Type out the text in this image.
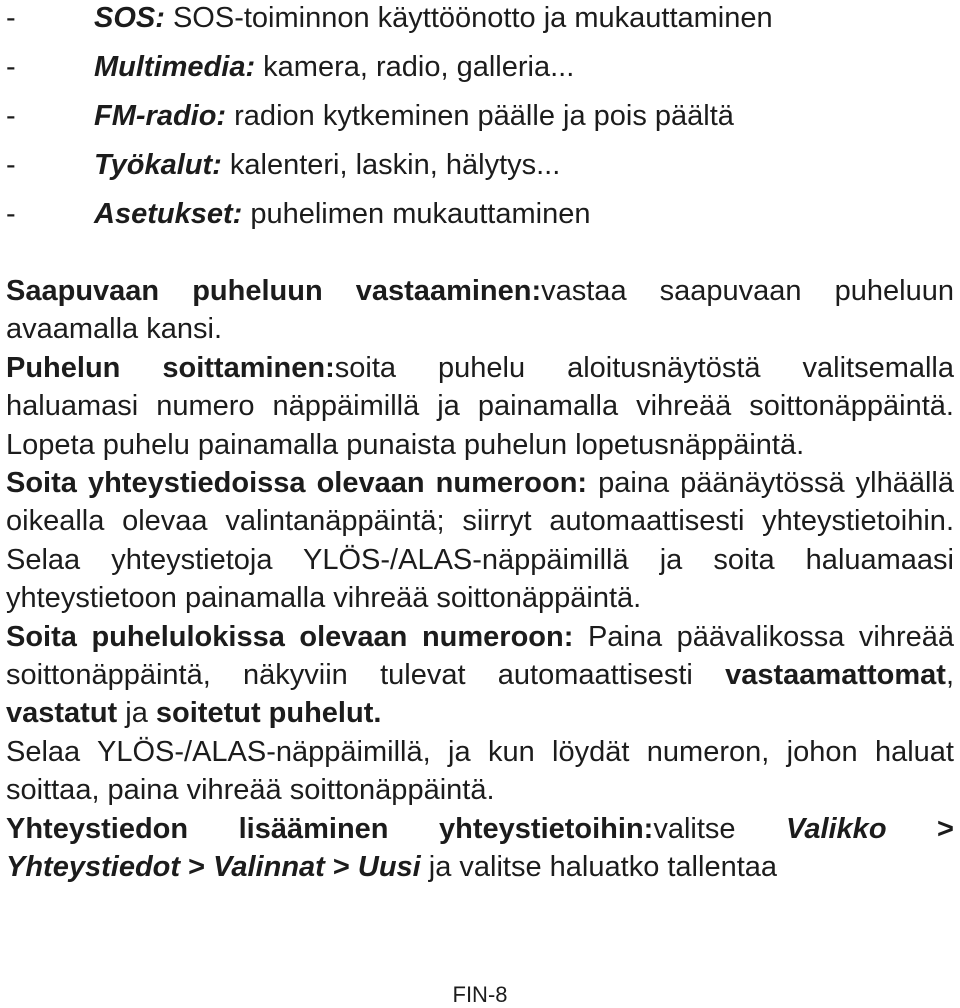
-	SOS: SOS-toiminnon käyttöönotto ja mukauttaminen
-	Multimedia: kamera, radio, galleria...
-	FM-radio: radion kytkeminen päälle ja pois päältä
-	Työkalut: kalenteri, laskin, hälytys...
-	Asetukset: puhelimen mukauttaminen

Saapuvaan puheluun vastaaminen:vastaa saapuvaan puheluun avaamalla kansi.

Puhelun soittaminen:soita puhelu aloitusnäytöstä valitsemalla haluamasi numero näppäimillä ja painamalla vihreää soittonäppäintä. Lopeta puhelu painamalla punaista puhelun lopetusnäppäintä.

Soita yhteystiedoissa olevaan numeroon: paina päänäytössä ylhäällä oikealla olevaa valintanäppäintä; siirryt automaattisesti yhteystietoihin. Selaa yhteystietoja YLÖS-/ALAS-näppäimillä ja soita haluamaasi yhteystietoon painamalla vihreää soittonäppäintä.

Soita puhelulokissa olevaan numeroon: Paina päävalikossa vihreää soittonäppäintä, näkyviin tulevat automaattisesti vastaamattomat, vastatut ja soitetut puhelut.

Selaa YLÖS-/ALAS-näppäimillä, ja kun löydät numeron, johon haluat soittaa, paina vihreää soittonäppäintä.

Yhteystiedon lisääminen yhteystietoihin:valitse Valikko > Yhteystiedot > Valinnat > Uusi ja valitse haluatko tallentaa

FIN-8
